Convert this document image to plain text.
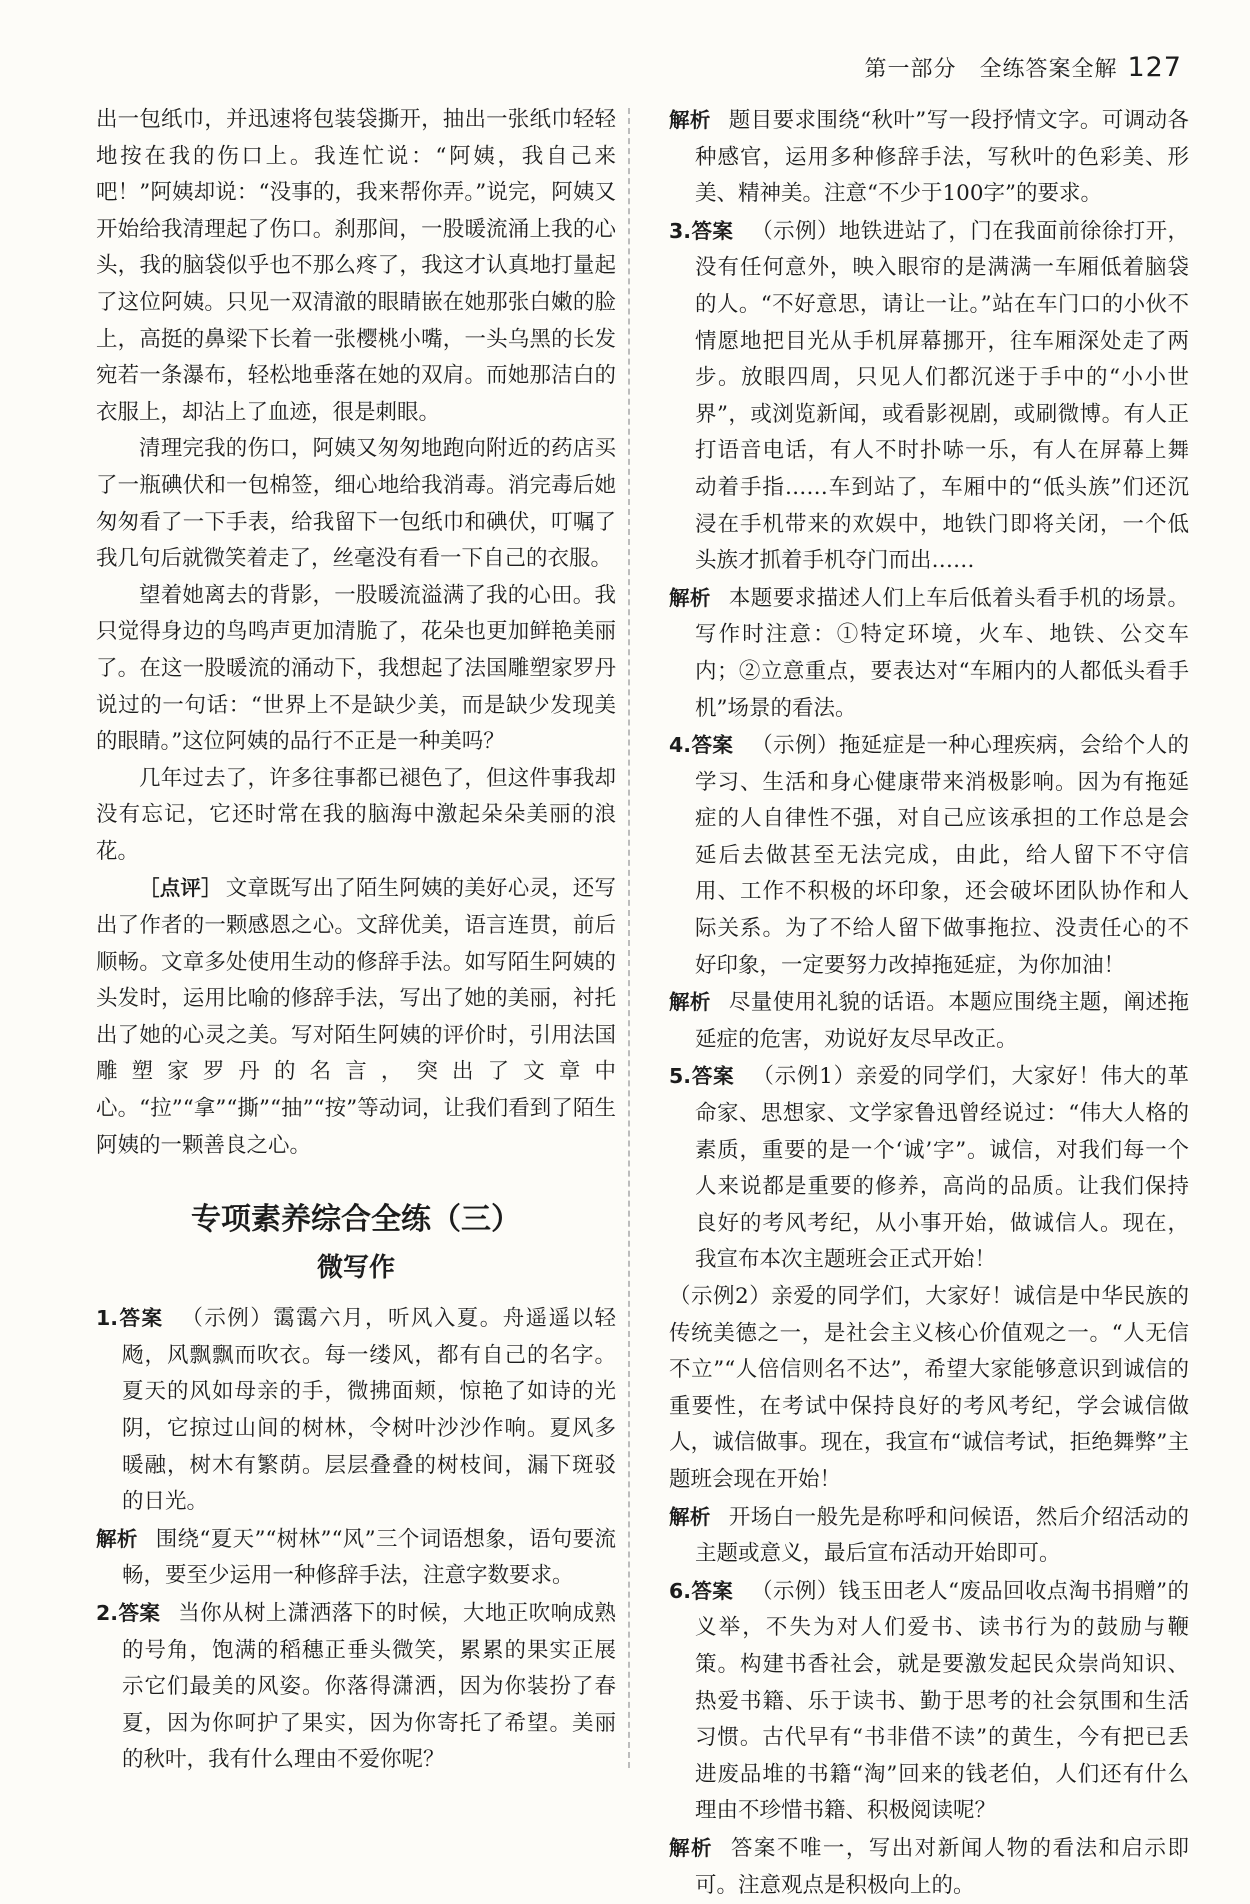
第一部分　全练答案全解 127

出一包纸巾，并迅速将包装袋撕开，抽出一张纸巾轻轻地按在我的伤口上。我连忙说：“阿姨，我自己来吧！”阿姨却说：“没事的，我来帮你弄。”说完，阿姨又开始给我清理起了伤口。刹那间，一股暖流涌上我的心头，我的脑袋似乎也不那么疼了，我这才认真地打量起了这位阿姨。只见一双清澈的眼睛嵌在她那张白嫩的脸上，高挺的鼻梁下长着一张樱桃小嘴，一头乌黑的长发宛若一条瀑布，轻松地垂落在她的双肩。而她那洁白的衣服上，却沾上了血迹，很是刺眼。

清理完我的伤口，阿姨又匆匆地跑向附近的药店买了一瓶碘伏和一包棉签，细心地给我消毒。消完毒后她匆匆看了一下手表，给我留下一包纸巾和碘伏，叮嘱了我几句后就微笑着走了，丝毫没有看一下自己的衣服。

望着她离去的背影，一股暖流溢满了我的心田。我只觉得身边的鸟鸣声更加清脆了，花朵也更加鲜艳美丽了。在这一股暖流的涌动下，我想起了法国雕塑家罗丹说过的一句话：“世界上不是缺少美，而是缺少发现美的眼睛。”这位阿姨的品行不正是一种美吗？

几年过去了，许多往事都已褪色了，但这件事我却没有忘记，它还时常在我的脑海中激起朵朵美丽的浪花。

［点评］ 文章既写出了陌生阿姨的美好心灵，还写出了作者的一颗感恩之心。文辞优美，语言连贯，前后顺畅。文章多处使用生动的修辞手法。如写陌生阿姨的头发时，运用比喻的修辞手法，写出了她的美丽，衬托出了她的心灵之美。写对陌生阿姨的评价时，引用法国雕塑家罗丹的名言，突出了文章中心。“拉”“拿”“撕”“抽”“按”等动词，让我们看到了陌生阿姨的一颗善良之心。

专项素养综合全练（三）
微写作

1.答案 （示例）霭霭六月，听风入夏。舟遥遥以轻飏，风飘飘而吹衣。每一缕风，都有自己的名字。夏天的风如母亲的手，微拂面颊，惊艳了如诗的光阴，它掠过山间的树林，令树叶沙沙作响。夏风多暖融，树木有繁荫。层层叠叠的树枝间，漏下斑驳的日光。

解析 围绕“夏天”“树林”“风”三个词语想象，语句要流畅，要至少运用一种修辞手法，注意字数要求。

2.答案 当你从树上潇洒落下的时候，大地正吹响成熟的号角，饱满的稻穗正垂头微笑，累累的果实正展示它们最美的风姿。你落得潇洒，因为你装扮了春夏，因为你呵护了果实，因为你寄托了希望。美丽的秋叶，我有什么理由不爱你呢？

解析 题目要求围绕“秋叶”写一段抒情文字。可调动各种感官，运用多种修辞手法，写秋叶的色彩美、形美、精神美。注意“不少于100字”的要求。

3.答案 （示例）地铁进站了，门在我面前徐徐打开，没有任何意外，映入眼帘的是满满一车厢低着脑袋的人。“不好意思，请让一让。”站在车门口的小伙不情愿地把目光从手机屏幕挪开，往车厢深处走了两步。放眼四周，只见人们都沉迷于手中的“小小世界”，或浏览新闻，或看影视剧，或刷微博。有人正打语音电话，有人不时扑哧一乐，有人在屏幕上舞动着手指……车到站了，车厢中的“低头族”们还沉浸在手机带来的欢娱中，地铁门即将关闭，一个低头族才抓着手机夺门而出……

解析 本题要求描述人们上车后低着头看手机的场景。写作时注意：①特定环境，火车、地铁、公交车内；②立意重点，要表达对“车厢内的人都低头看手机”场景的看法。

4.答案 （示例）拖延症是一种心理疾病，会给个人的学习、生活和身心健康带来消极影响。因为有拖延症的人自律性不强，对自己应该承担的工作总是会延后去做甚至无法完成，由此，给人留下不守信用、工作不积极的坏印象，还会破坏团队协作和人际关系。为了不给人留下做事拖拉、没责任心的不好印象，一定要努力改掉拖延症，为你加油！

解析 尽量使用礼貌的话语。本题应围绕主题，阐述拖延症的危害，劝说好友尽早改正。

5.答案 （示例1）亲爱的同学们，大家好！伟大的革命家、思想家、文学家鲁迅曾经说过：“伟大人格的素质，重要的是一个‘诚’字”。诚信，对我们每一个人来说都是重要的修养，高尚的品质。让我们保持良好的考风考纪，从小事开始，做诚信人。现在，我宣布本次主题班会正式开始！

（示例2）亲爱的同学们，大家好！诚信是中华民族的传统美德之一，是社会主义核心价值观之一。“人无信不立”“人倍信则名不达”，希望大家能够意识到诚信的重要性，在考试中保持良好的考风考纪，学会诚信做人，诚信做事。现在，我宣布“诚信考试，拒绝舞弊”主题班会现在开始！

解析 开场白一般先是称呼和问候语，然后介绍活动的主题或意义，最后宣布活动开始即可。

6.答案 （示例）钱玉田老人“废品回收点淘书捐赠”的义举，不失为对人们爱书、读书行为的鼓励与鞭策。构建书香社会，就是要激发起民众崇尚知识、热爱书籍、乐于读书、勤于思考的社会氛围和生活习惯。古代早有“书非借不读”的黄生，今有把已丢进废品堆的书籍“淘”回来的钱老伯，人们还有什么理由不珍惜书籍、积极阅读呢？

解析 答案不唯一，写出对新闻人物的看法和启示即可。注意观点是积极向上的。
